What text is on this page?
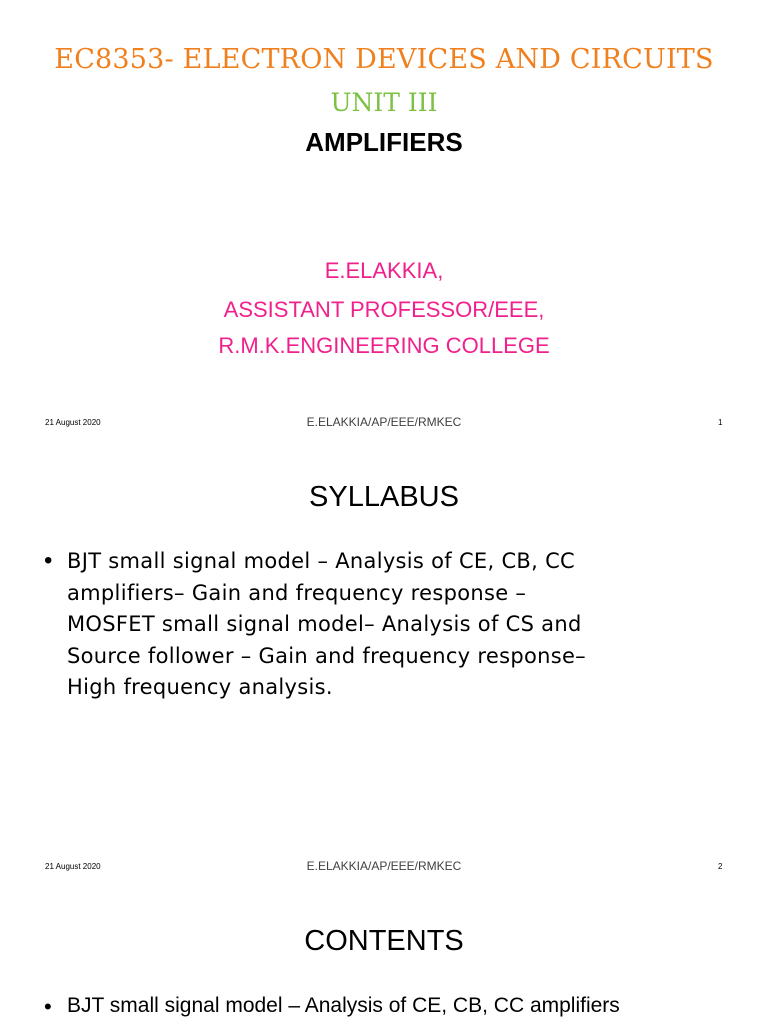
EC8353- ELECTRON DEVICES AND CIRCUITS
UNIT III
AMPLIFIERS
E.ELAKKIA,
ASSISTANT PROFESSOR/EEE,
R.M.K.ENGINEERING COLLEGE
21 August 2020	E.ELAKKIA/AP/EEE/RMKEC	1
SYLLABUS
• BJT small signal model – Analysis of CE, CB, CC
amplifiers– Gain and frequency response –
MOSFET small signal model– Analysis of CS and
Source follower – Gain and frequency response–
High frequency analysis.
21 August 2020	E.ELAKKIA/AP/EEE/RMKEC	2
CONTENTS
• BJT small signal model – Analysis of CE, CB, CC amplifiers
